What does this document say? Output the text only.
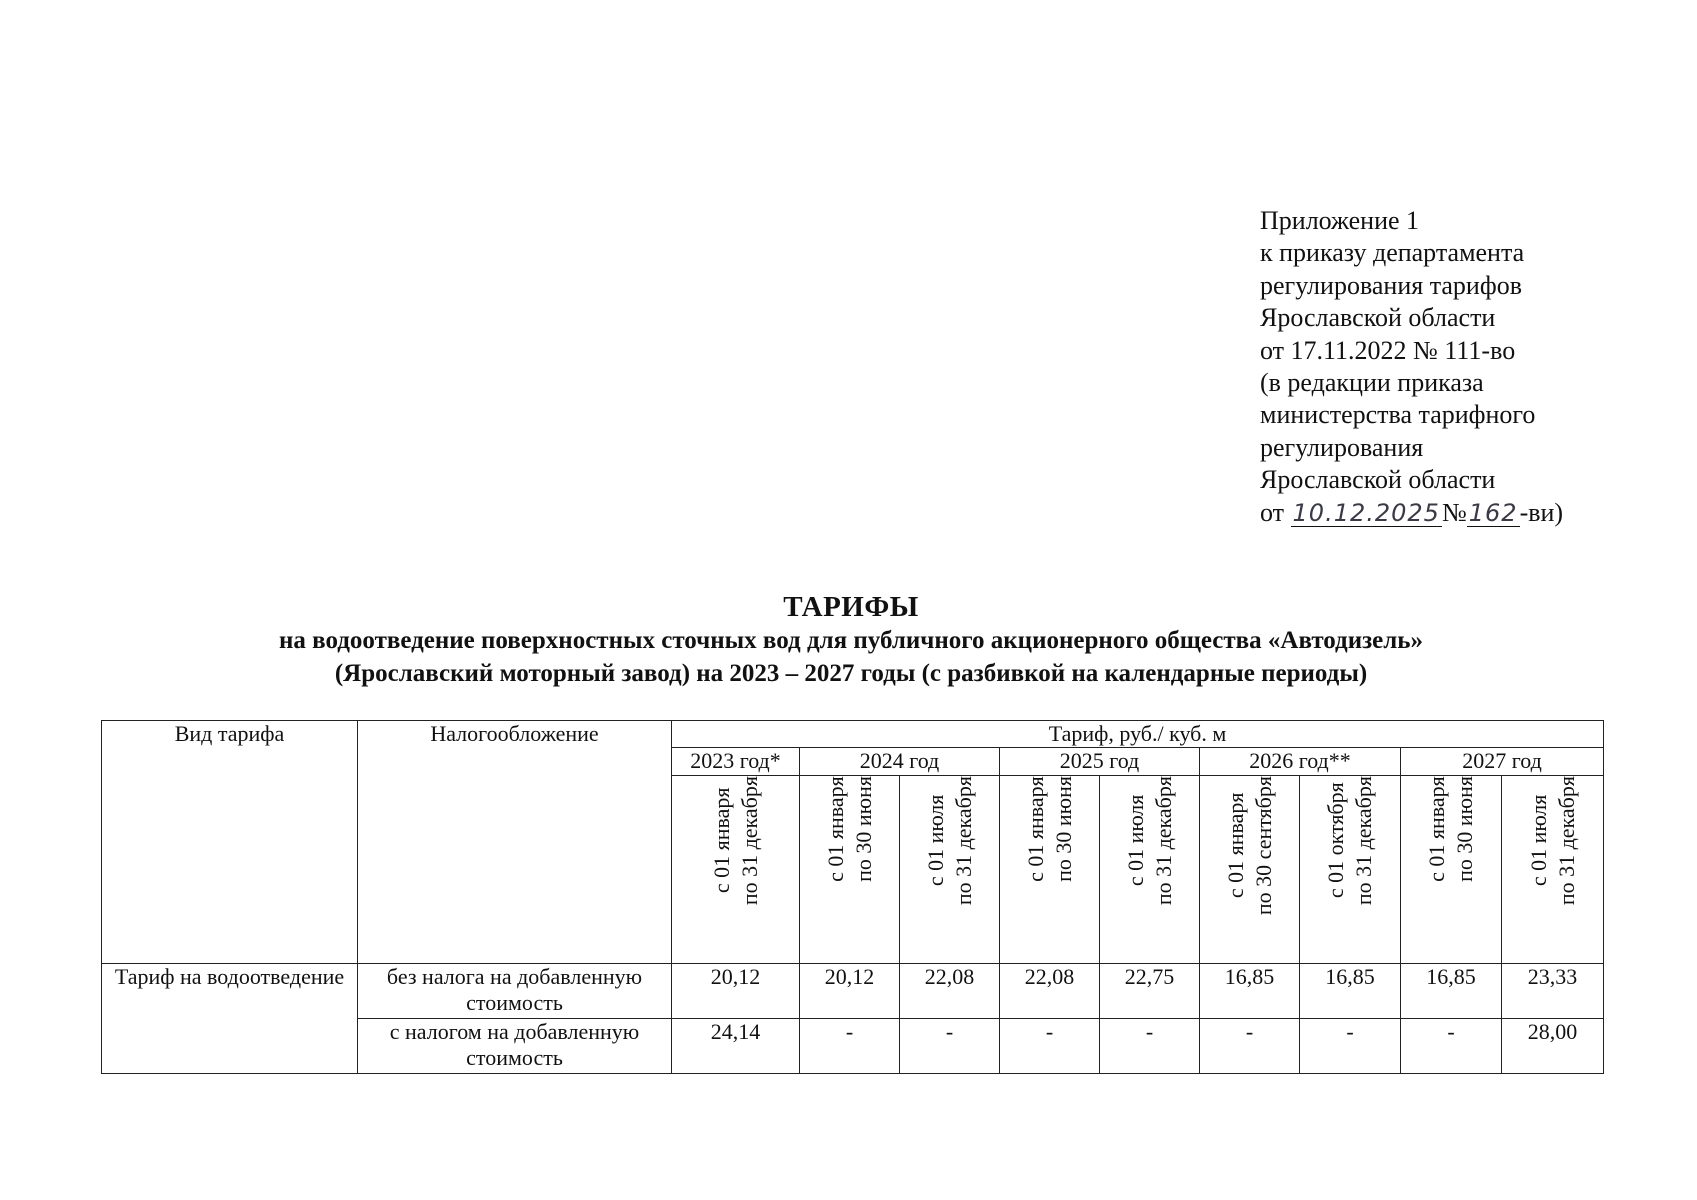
Приложение 1
к приказу департамента
регулирования тарифов
Ярославской области
от 17.11.2022 № 111-во
(в редакции приказа
министерства тарифного
регулирования
Ярославской области
от 10.12.2025№162-ви)
ТАРИФЫ
на водоотведение поверхностных сточных вод для публичного акционерного общества «Автодизель»
(Ярославский моторный завод) на 2023 – 2027 годы (с разбивкой на календарные периоды)
Вид тарифа	Налогообложение	Тариф, руб./ куб. м								
		2023 год*	2024 год		2025 год		2026 год**		2027 год	
		с 01 января по 31 декабря	с 01 января по 30 июня	с 01 июля по 31 декабря	с 01 января по 30 июня	с 01 июля по 31 декабря	с 01 января по 30 сентября	с 01 октября по 31 декабря	с 01 января по 30 июня	с 01 июля по 31 декабря
Тариф на водоотведение	без налога на добавленную стоимость	20,12	20,12	22,08	22,08	22,75	16,85	16,85	16,85	23,33
	с налогом на добавленную стоимость	24,14	-	-	-	-	-	-	-	28,00
